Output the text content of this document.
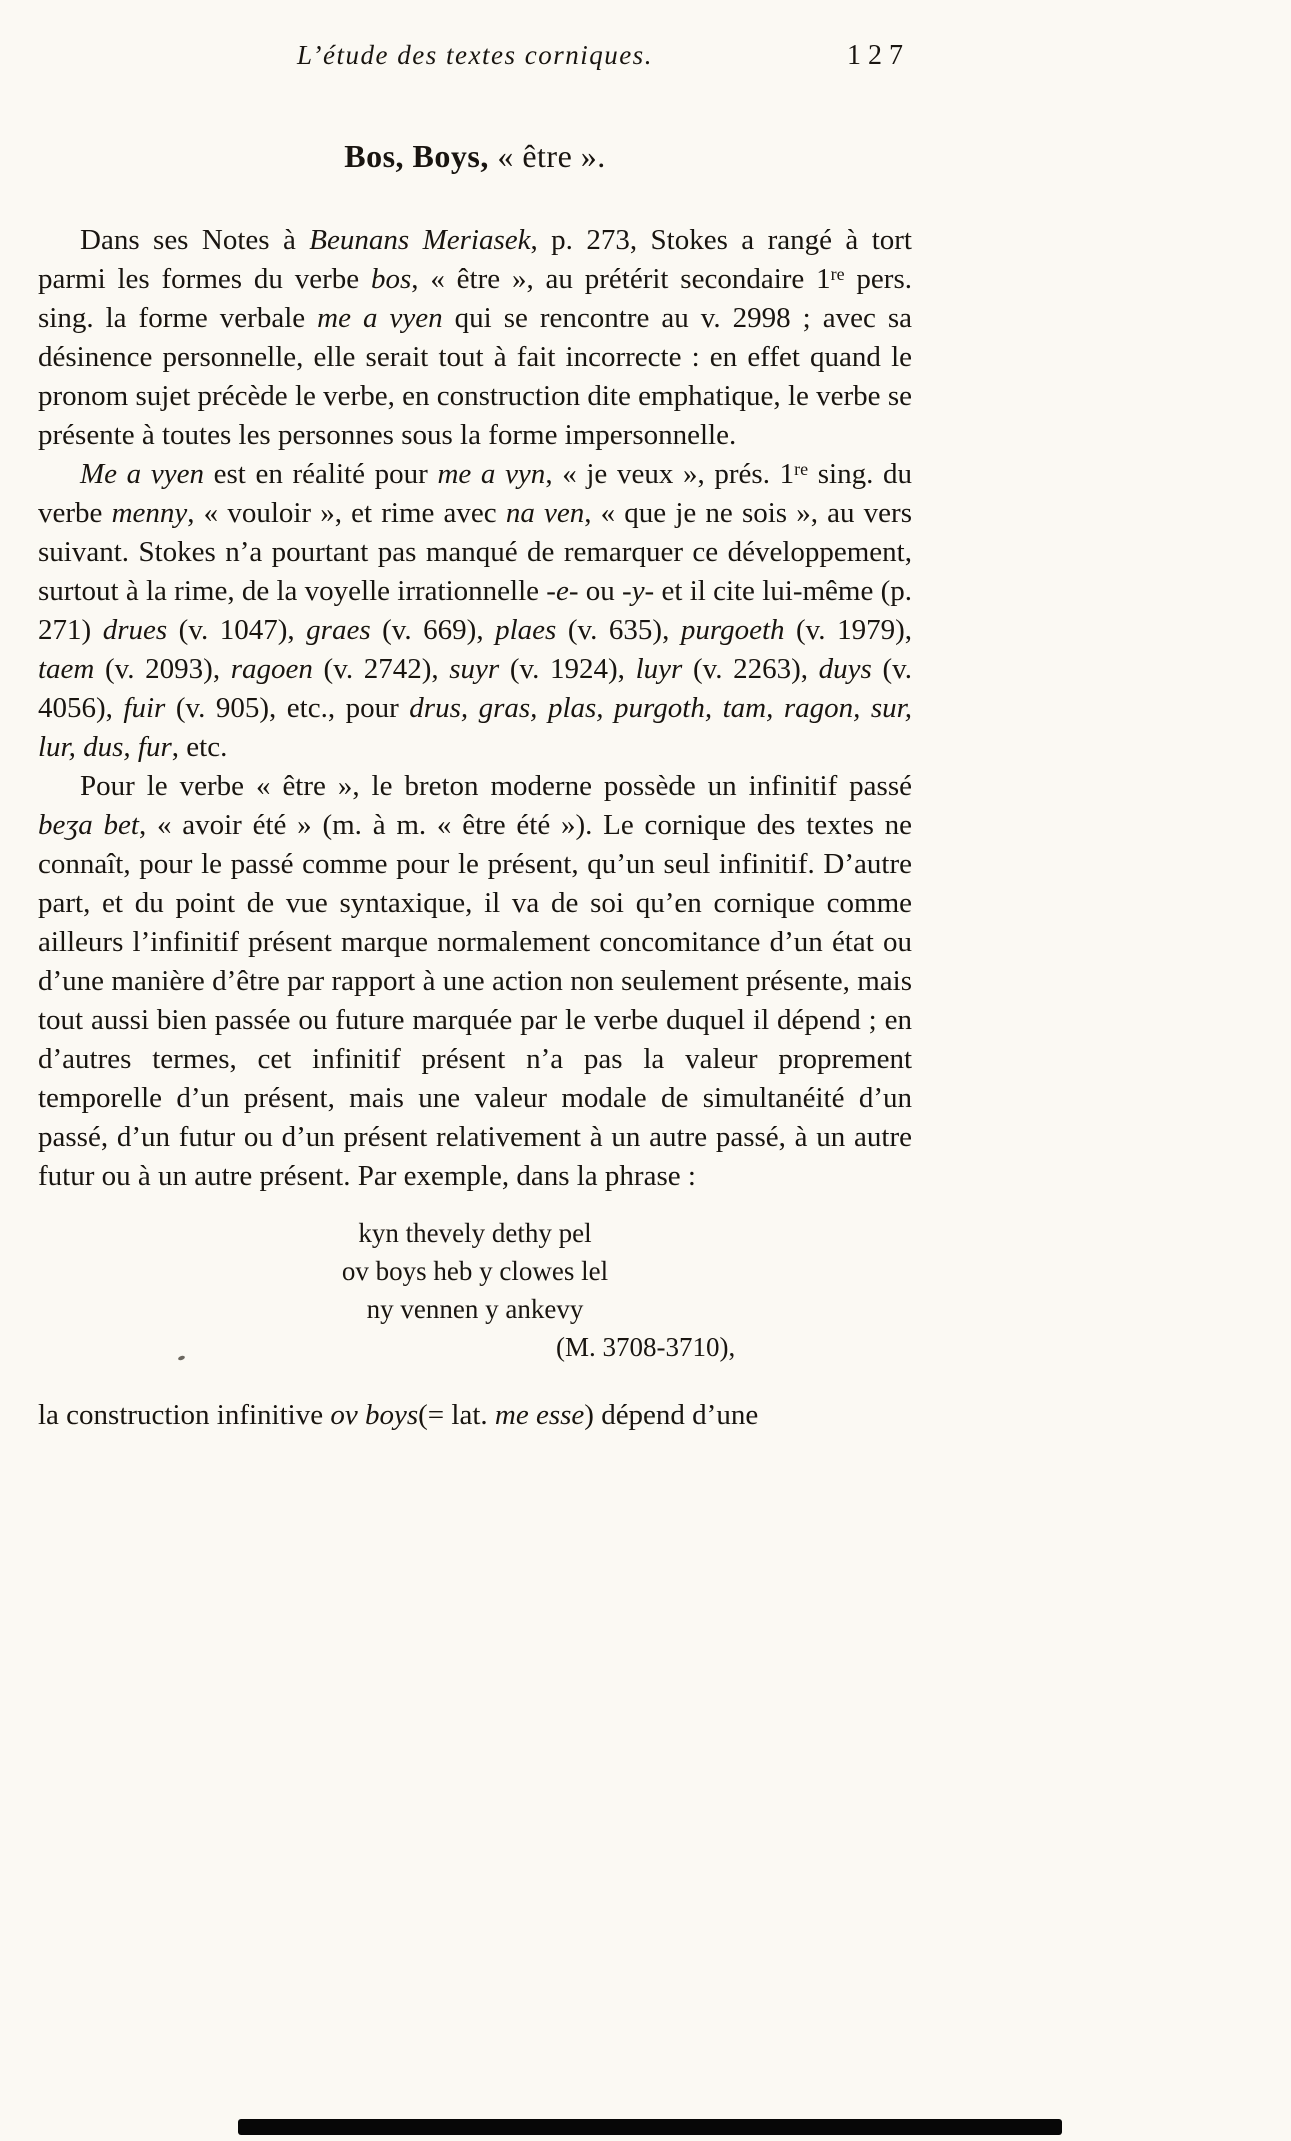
L’étude des textes corniques.	127
Bos, Boys, « être ».

Dans ses Notes à Beunans Meriasek, p. 273, Stokes a rangé à tort parmi les formes du verbe bos, « être », au prétérit secondaire 1re pers. sing. la forme verbale me a vyen qui se rencontre au v. 2998 ; avec sa désinence personnelle, elle serait tout à fait incorrecte : en effet quand le pronom sujet précède le verbe, en construction dite emphatique, le verbe se présente à toutes les personnes sous la forme impersonnelle.

Me a vyen est en réalité pour me a vyn, « je veux », prés. 1re sing. du verbe menny, « vouloir », et rime avec na ven, « que je ne sois », au vers suivant. Stokes n’a pourtant pas manqué de remarquer ce développement, surtout à la rime, de la voyelle irrationnelle -e- ou -y- et il cite lui-même (p. 271) drues (v. 1047), graes (v. 669), plaes (v. 635), purgoeth (v. 1979), taem (v. 2093), ragoen (v. 2742), suyr (v. 1924), luyr (v. 2263), duys (v. 4056), fuir (v. 905), etc., pour drus, gras, plas, purgoth, tam, ragon, sur, lur, dus, fur, etc.

Pour le verbe « être », le breton moderne possède un infinitif passé beʒa bet, « avoir été » (m. à m. « être été »). Le cornique des textes ne connaît, pour le passé comme pour le présent, qu’un seul infinitif. D’autre part, et du point de vue syntaxique, il va de soi qu’en cornique comme ailleurs l’infinitif présent marque normalement concomitance d’un état ou d’une manière d’être par rapport à une action non seulement présente, mais tout aussi bien passée ou future marquée par le verbe duquel il dépend ; en d’autres termes, cet infinitif présent n’a pas la valeur proprement temporelle d’un présent, mais une valeur modale de simultanéité d’un passé, d’un futur ou d’un présent relativement à un autre passé, à un autre futur ou à un autre présent. Par exemple, dans la phrase :

kyn thevely dethy pel
ov boys heb y clowes lel
ny vennen y ankevy
(M. 3708-3710),

la construction infinitive ov boys(= lat. me esse) dépend d’une
